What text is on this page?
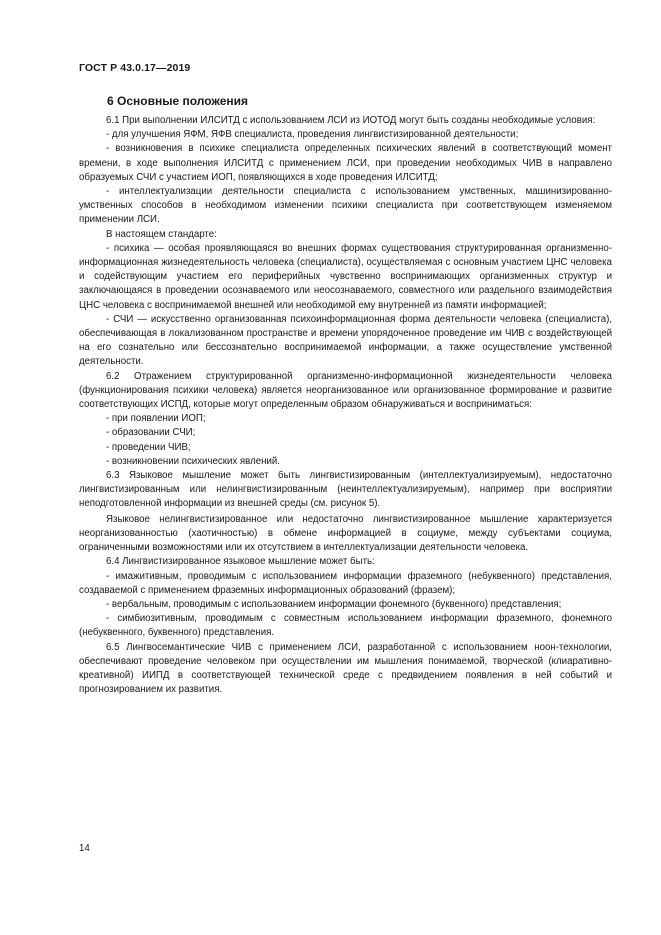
ГОСТ Р 43.0.17—2019
6 Основные положения

6.1 При выполнении ИЛСИТД с использованием ЛСИ из ИОТОД могут быть созданы необходимые условия:

- для улучшения ЯФМ, ЯФВ специалиста, проведения лингвистизированной деятельности;

- возникновения в психике специалиста определенных психических явлений в соответствующий момент времени, в ходе выполнения ИЛСИТД с применением ЛСИ, при проведении необходимых ЧИВ в направлено образуемых СЧИ с участием ИОП, появляющихся в ходе проведения ИЛСИТД;

- интеллектуализации деятельности специалиста с использованием умственных, машинизированно-умственных способов в необходимом изменении психики специалиста при соответствующем изменяемом применении ЛСИ.

В настоящем стандарте:

- психика — особая проявляющаяся во внешних формах существования структурированная организменно-информационная жизнедеятельность человека (специалиста), осуществляемая с основным участием ЦНС человека и содействующим участием его периферийных чувственно воспринимающих организменных структур и заключающаяся в проведении осознаваемого или неосознаваемого, совместного или раздельного взаимодействия ЦНС человека с воспринимаемой внешней или необходимой ему внутренней из памяти информацией;

- СЧИ — искусственно организованная психоинформационная форма деятельности человека (специалиста), обеспечивающая в локализованном пространстве и времени упорядоченное проведение им ЧИВ с воздействующей на его сознательно или бессознательно воспринимаемой информации, а также осуществление умственной деятельности.

6.2 Отражением структурированной организменно-информационной жизнедеятельности человека (функционирования психики человека) является неорганизованное или организованное формирование и развитие соответствующих ИСПД, которые могут определенным образом обнаруживаться и восприниматься:

- при появлении ИОП;

- образовании СЧИ;

- проведении ЧИВ;

- возникновении психических явлений.

6.3 Языковое мышление может быть лингвистизированным (интеллектуализируемым), недостаточно лингвистизированным или нелингвистизированным (неинтеллектуализируемым), например при восприятии неподготовленной информации из внешней среды (см. рисунок 5).

Языковое нелингвистизированное или недостаточно лингвистизированное мышление характеризуется неорганизованностью (хаотичностью) в обмене информацией в социуме, между субъектами социума, ограниченными возможностями или их отсутствием в интеллектуализации деятельности человека.

6.4 Лингвистизированное языковое мышление может быть:

- имажитивным, проводимым с использованием информации фраземного (небуквенного) представления, создаваемой с применением фраземных информационных образований (фразем);

- вербальным, проводимым с использованием информации фонемного (буквенного) представления;

- симбиозитивным, проводимым с совместным использованием информации фраземного, фонемного (небуквенного, буквенного) представления.

6.5 Лингвосемантические ЧИВ с применением ЛСИ, разработанной с использованием ноон-технологии, обеспечивают проведение человеком при осуществлении им мышления понимаемой, творческой (клиаративно-креативной) ИИПД в соответствующей технической среде с предвидением появления в ней событий и прогнозированием их развития.

14
